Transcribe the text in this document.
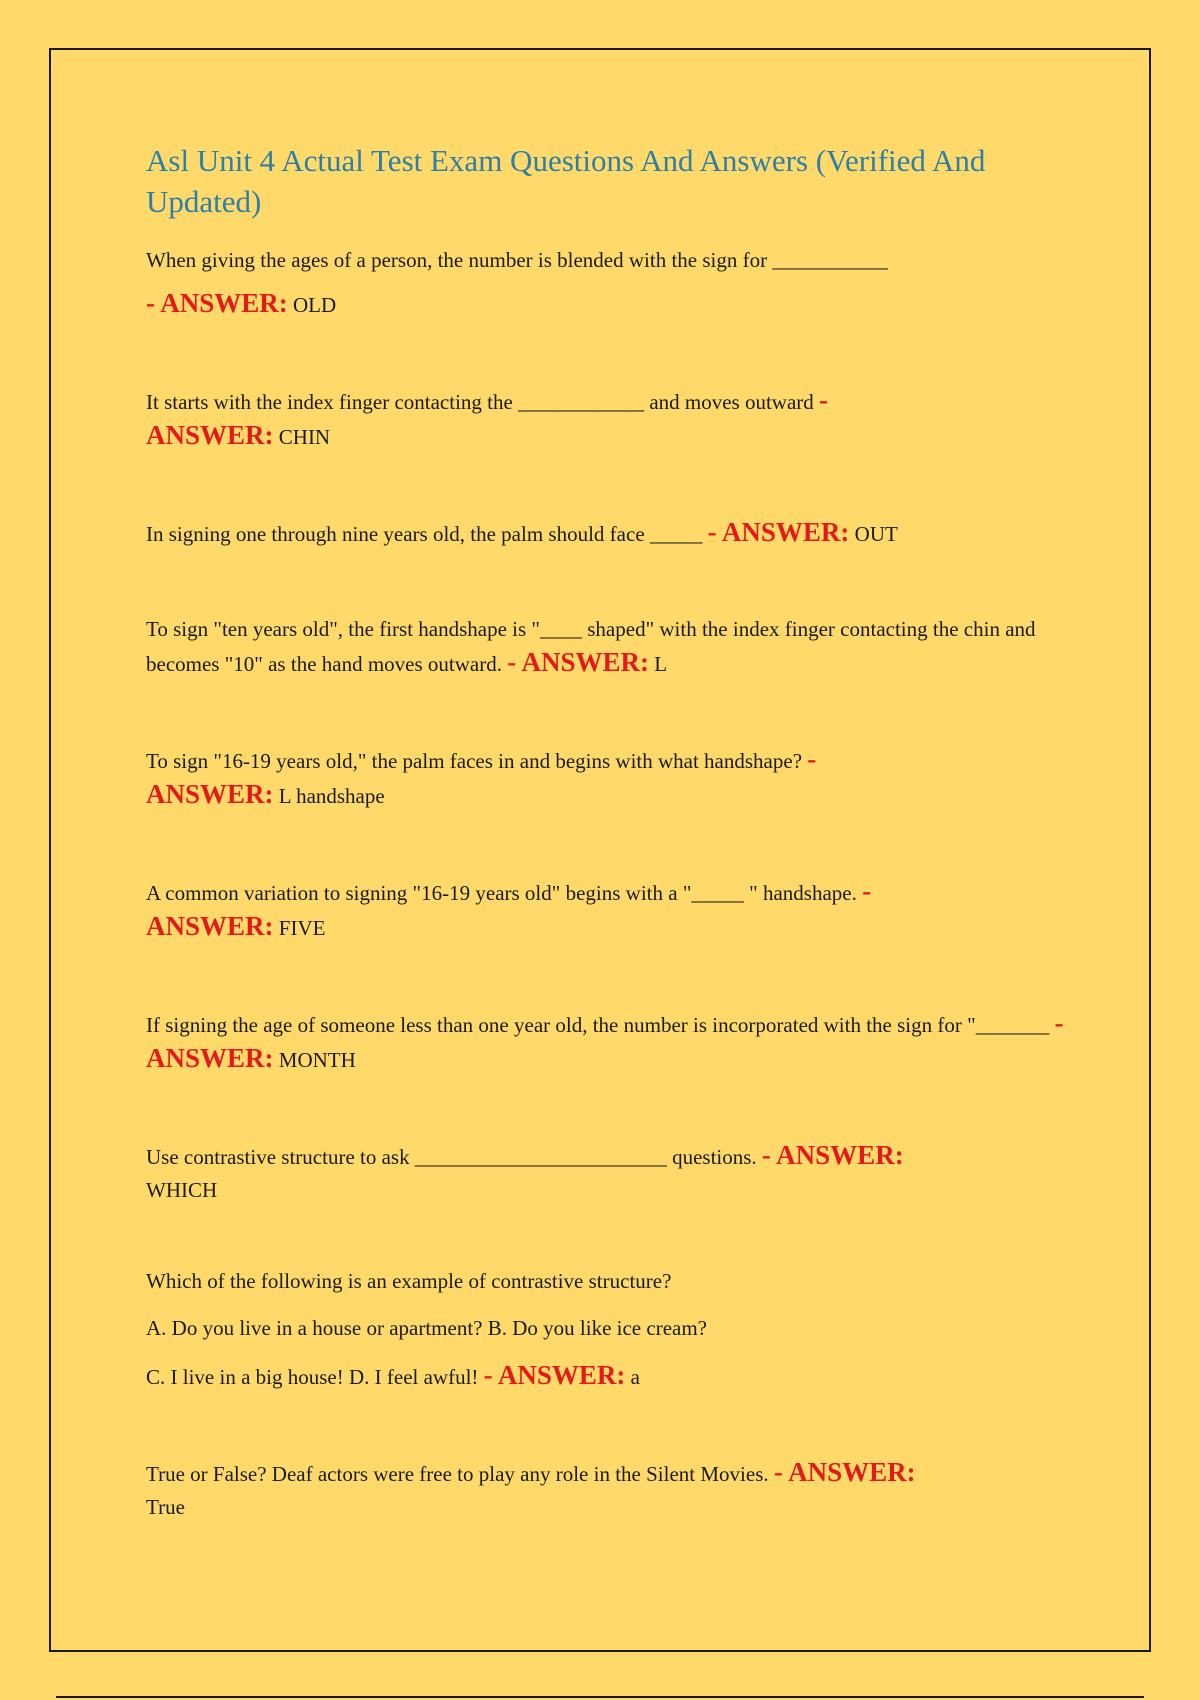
Asl Unit 4 Actual Test Exam Questions And Answers (Verified And Updated)

When giving the ages of a person, the number is blended with the sign for ___________

- ANSWER: OLD

It starts with the index finger contacting the ____________ and moves outward -

ANSWER: CHIN

In signing one through nine years old, the palm should face _____ - ANSWER: OUT

To sign "ten years old", the first handshape is "____ shaped" with the index finger contacting the chin and becomes "10" as the hand moves outward. - ANSWER: L

To sign "16-19 years old," the palm faces in and begins with what handshape? -

ANSWER: L handshape

A common variation to signing "16-19 years old" begins with a "_____ " handshape. -

ANSWER: FIVE

If signing the age of someone less than one year old, the number is incorporated with the sign for "_______ - ANSWER: MONTH

Use contrastive structure to ask ________________________ questions. - ANSWER:

WHICH

Which of the following is an example of contrastive structure?

A. Do you live in a house or apartment? B. Do you like ice cream?

C. I live in a big house! D. I feel awful! - ANSWER: a

True or False? Deaf actors were free to play any role in the Silent Movies. - ANSWER:

True
